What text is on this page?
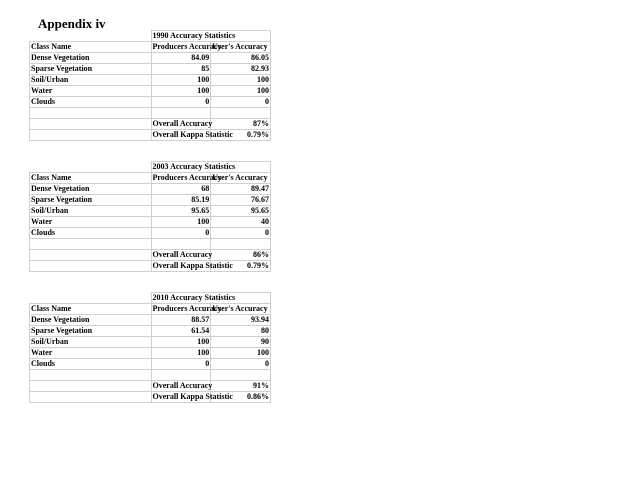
Appendix iv
	1990 Accuracy Statistics	
Class Name	Producers Accuracy	User's Accuracy
Dense Vegetation	84.09	86.05
Sparse Vegetation	85	82.93
Soil/Urban	100	100
Water	100	100
Clouds	0	0

	Overall Accuracy	87%
	Overall Kappa Statistic	0.79%
	2003 Accuracy Statistics	
Class Name	Producers Accuracy	User's Accuracy
Dense Vegetation	68	89.47
Sparse Vegetation	85.19	76.67
Soil/Urban	95.65	95.65
Water	100	40
Clouds	0	0

	Overall Accuracy	86%
	Overall Kappa Statistic	0.79%
	2010 Accuracy Statistics	
Class Name	Producers Accuracy	User's Accuracy
Dense Vegetation	88.57	93.94
Sparse Vegetation	61.54	80
Soil/Urban	100	90
Water	100	100
Clouds	0	0

	Overall Accuracy	91%
	Overall Kappa Statistic	0.86%
